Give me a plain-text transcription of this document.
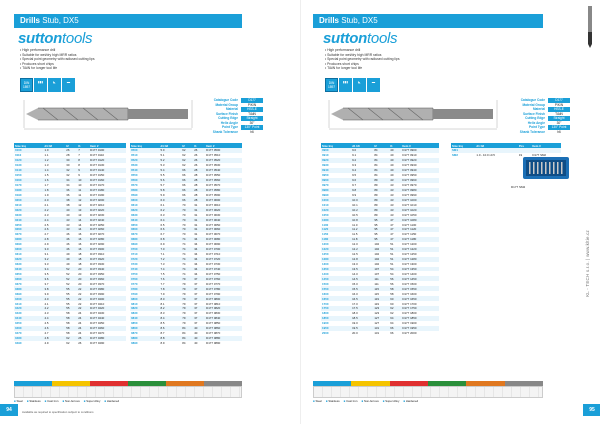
Drills Stub, DX5
suttontools
• High performance drill
• Suitable for wet/dry high MRR ratios
• Special point geometry with radiused cutting lips
• Produces short chips
• TiAlN for longer tool life
DIN 1897
▮▮▮	◣	▬
Catalogue Code	D177
Material Group	P/K/N
Material	HSS-E
Surface Finish	TiAlN
Cutting Edge	Straight
Helix Angle	30°
Point Type	130° Point
Shank Tolerance	h6
Size Inq	d1 h8	l2	l1	Item #
0100	1.0	26	7	D177 0100
0110	1.1	28	7	D177 0110
0120	1.2	30	8	D177 0120
0130	1.3	30	8	D177 0130
0140	1.4	32	9	D177 0140
0150	1.5	32	9	D177 0150
0160	1.6	34	10	D177 0160
0170	1.7	34	10	D177 0170
0180	1.8	36	11	D177 0180
0190	1.9	36	11	D177 0190
0200	2.0	38	12	D177 0200
0210	2.1	38	12	D177 0210
0220	2.2	40	13	D177 0220
0230	2.3	40	13	D177 0230
0240	2.4	43	14	D177 0240
0250	2.5	43	14	D177 0250
0260	2.6	43	14	D177 0260
0270	2.7	46	16	D177 0270
0280	2.8	46	16	D177 0280
0290	2.9	46	16	D177 0290
0300	3.0	46	16	D177 0300
0310	3.1	49	18	D177 0310
0320	3.2	49	18	D177 0320
0330	3.3	49	18	D177 0330
0340	3.4	52	20	D177 0340
0350	3.5	52	20	D177 0350
0360	3.6	52	20	D177 0360
0370	3.7	52	20	D177 0370
0380	3.8	55	22	D177 0380
0390	3.9	55	22	D177 0390
0400	4.0	55	22	D177 0400
0410	4.1	55	22	D177 0410
0420	4.2	55	22	D177 0420
0430	4.3	58	24	D177 0430
0440	4.4	58	24	D177 0440
0450	4.5	58	24	D177 0450
0460	4.6	58	24	D177 0460
0470	4.7	58	24	D177 0470
0480	4.8	62	26	D177 0480
0490	4.9	62	26	D177 0490
Size Inq	d1 h8	l2	l1	Item #
0500	5.0	62	26	D177 0500
0510	5.1	62	26	D177 0510
0520	5.2	62	26	D177 0520
0530	5.3	62	26	D177 0530
0540	5.4	66	28	D177 0540
0550	5.5	66	28	D177 0550
0560	5.6	66	28	D177 0560
0570	5.7	66	28	D177 0570
0580	5.8	66	28	D177 0580
0590	5.9	66	28	D177 0590
0600	6.0	66	28	D177 0600
0610	6.1	70	31	D177 0610
0620	6.2	70	31	D177 0620
0630	6.3	70	31	D177 0630
0640	6.4	70	31	D177 0640
0650	6.5	70	31	D177 0650
0660	6.6	70	31	D177 0660
0670	6.7	70	31	D177 0670
0680	6.8	74	34	D177 0680
0690	6.9	74	34	D177 0690
0700	7.0	74	34	D177 0700
0710	7.1	74	34	D177 0710
0720	7.2	74	34	D177 0720
0730	7.3	74	34	D177 0730
0740	7.4	74	34	D177 0740
0750	7.5	74	34	D177 0750
0760	7.6	79	37	D177 0760
0770	7.7	79	37	D177 0770
0780	7.8	79	37	D177 0780
0790	7.9	79	37	D177 0790
0800	8.0	79	37	D177 0800
0810	8.1	79	37	D177 0810
0820	8.2	79	37	D177 0820
0830	8.3	79	37	D177 0830
0840	8.4	79	37	D177 0840
0850	8.5	79	37	D177 0850
0860	8.6	84	40	D177 0860
0870	8.7	84	40	D177 0870
0880	8.8	84	40	D177 0880
0890	8.9	84	40	D177 0890
■ Steel	■ Stainless	■ Cast Iron	■ Non-ferrous	■ Super Alloy	■ Hardened
94	Available as required to specification subject to conditions
Drills Stub, DX5
suttontools
• High performance drill
• Suitable for wet/dry high MRR ratios
• Special point geometry with radiused cutting lips
• Produces short chips
• TiAlN for longer tool life
DIN 1897
▮▮▮	◣	▬
Catalogue Code	D177
Material Group	P/K/N
Material	HSS-E
Surface Finish	TiAlN
Cutting Edge	Straight
Helix Angle	30°
Point Type	130° Point
Shank Tolerance	h6
Size Inq	d1 h8	l2	l1	Item #
0900	9.0	84	40	D177 0900
0910	9.1	84	40	D177 0910
0920	9.2	84	40	D177 0920
0930	9.3	84	40	D177 0930
0940	9.4	84	40	D177 0940
0950	9.5	84	40	D177 0950
0960	9.6	89	43	D177 0960
0970	9.7	89	43	D177 0970
0980	9.8	89	43	D177 0980
0990	9.9	89	43	D177 0990
1000	10.0	89	43	D177 1000
1010	10.1	89	43	D177 1010
1020	10.2	89	43	D177 1020
1050	10.5	89	43	D177 1050
1080	10.8	95	47	D177 1080
1100	11.0	95	47	D177 1100
1120	11.2	95	47	D177 1120
1150	11.5	95	47	D177 1150
1180	11.8	95	47	D177 1180
1200	12.0	102	51	D177 1200
1220	12.2	102	51	D177 1220
1250	12.5	102	51	D177 1250
1280	12.8	102	51	D177 1280
1300	13.0	102	51	D177 1300
1350	13.5	107	54	D177 1350
1400	14.0	107	54	D177 1400
1450	14.5	111	56	D177 1450
1500	15.0	111	56	D177 1500
1550	15.5	115	58	D177 1550
1600	16.0	115	58	D177 1600
1650	16.5	119	60	D177 1650
1700	17.0	119	60	D177 1700
1750	17.5	123	62	D177 1750
1800	18.0	123	62	D177 1800
1850	18.5	127	64	D177 1850
1900	19.0	127	64	D177 1900
1950	19.5	131	66	D177 1950
2000	20.0	131	66	D177 2000
Size Inq	d1 h8		Pcs	Item #
SM1				
SM2	1.0 - 10.0 x0.5		19	D177 SM2
D177 SM2
■ Steel	■ Stainless	■ Cast Iron	■ Non-ferrous	■ Super Alloy	■ Hardened
95
KL - TECH s.r.o. | www.kltie.cz
